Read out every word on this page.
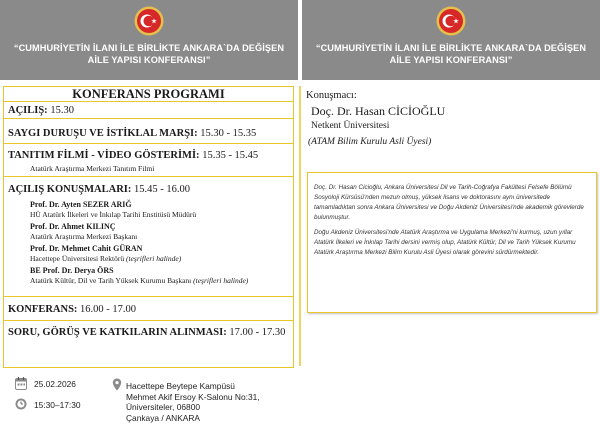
“CUMHURİYETİN İLANI İLE BİRLİKTE ANKARA`DA DEĞİŞEN
AİLE YAPISI KONFERANSI”
“CUMHURİYETİN İLANI İLE BİRLİKTE ANKARA`DA DEĞİŞEN
AİLE YAPISI KONFERANSI”
KONFERANS PROGRAMI
AÇILIŞ: 15.30
SAYGI DURUŞU VE İSTİKLAL MARŞI: 15.30 - 15.35
TANITIM FİLMİ - VİDEO GÖSTERİMİ: 15.35 - 15.45
Atatürk Araştırma Merkezi Tanıtım Filmi
AÇILIŞ KONUŞMALARI: 15.45 - 16.00
Prof. Dr. Ayten SEZER ARIĞ
HÜ Atatürk İlkeleri ve İnkılap Tarihi Enstitüsü Müdürü
Prof. Dr. Ahmet KILINÇ
Atatürk Araştırma Merkezi Başkanı
Prof. Dr. Mehmet Cahit GÜRAN
Hacettepe Üniversitesi Rektörü (teşrifleri halinde)
BE Prof. Dr. Derya ÖRS
Atatürk Kültür, Dil ve Tarih Yüksek Kurumu Başkanı (teşrifleri halinde)
KONFERANS: 16.00 - 17.00
SORU, GÖRÜŞ VE KATKILARIN ALINMASI: 17.00 - 17.30
Konuşmacı:
Doç. Dr. Hasan CİCİOĞLU
Netkent Üniversitesi
(ATAM Bilim Kurulu Asli Üyesi)

Doç. Dr. Hasan Cicioğlu, Ankara Üniversitesi Dil ve Tarih-Coğrafya Fakültesi Felsefe Bölümü Sosyoloji Kürsüsü'nden mezun olmuş, yüksek lisans ve doktorasını aynı üniversitede tamamladıktan sonra Ankara Üniversitesi ve Doğu Akdeniz Üniversitesi'nde akademik görevlerde bulunmuştur.

Doğu Akdeniz Üniversitesi'nde Atatürk Araştırma ve Uygulama Merkezi'ni kurmuş, uzun yıllar Atatürk İlkeleri ve İnkılap Tarihi dersini vermiş olup, Atatürk Kültür, Dil ve Tarih Yüksek Kurumu Atatürk Araştırma Merkezi Bilim Kurulu Asli Üyesi olarak görevini sürdürmektedir.

25.02.2026
15:30–17:30
Hacettepe Beytepe Kampüsü
Mehmet Akif Ersoy K-Salonu No:31,
Üniversiteler, 06800
Çankaya / ANKARA
